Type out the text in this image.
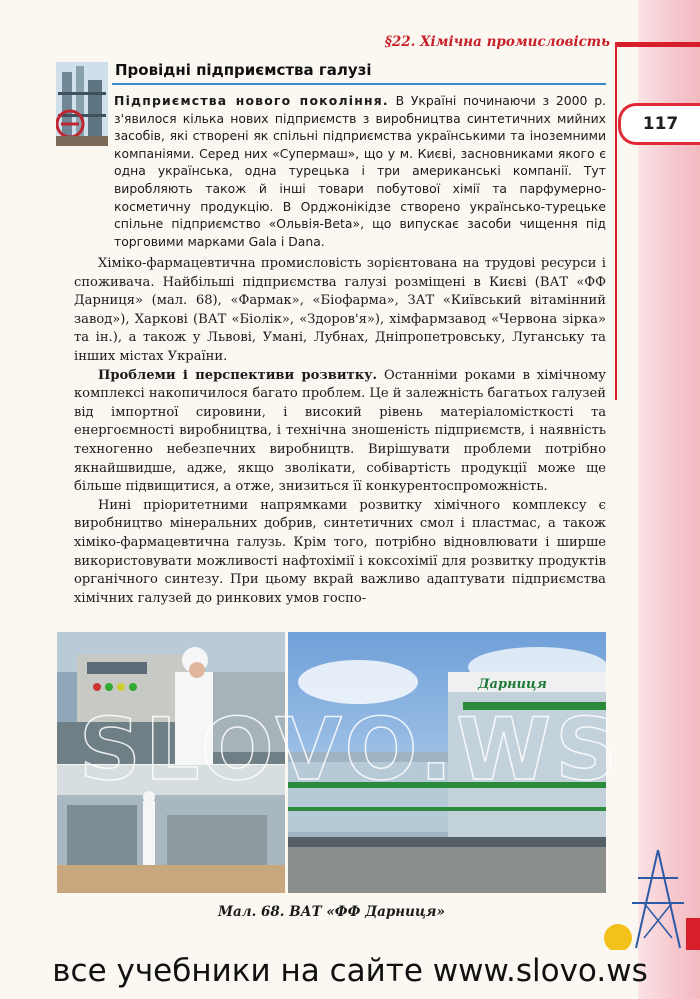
§22. Хімічна промисловість
117
Провідні підприємства галузі
Підприємства нового покоління. В Україні починаючи з 2000 р. з'явилося кілька нових підприємств з виробництва синтетичних мийних засобів, які створені як спільні підприємства українськими та іноземними компаніями. Серед них «Супермаш», що у м. Києві, засновниками якого є одна українська, одна турецька і три американські компанії. Тут виробляють також й інші товари побутової хімії та парфумерно-косметичну продукцію. В Орджонікідзе створено українсько-турецьке спільне підприємство «Ольвія-Beta», що випускає засоби чищення під торговими марками Gala i Dana.

Хіміко-фармацевтична промисловість зорієнтована на трудові ресурси і споживача. Найбільші підприємства галузі розміщені в Києві (ВАТ «ФФ Дарниця» (мал. 68), «Фармак», «Біофарма», ЗАТ «Київський вітамінний завод»), Харкові (ВАТ «Біолік», «Здоров'я»), хімфармзавод «Червона зірка» та ін.), а також у Львові, Умані, Лубнах, Дніпропетровську, Луганську та інших містах України.

Проблеми і перспективи розвитку. Останніми роками в хімічному комплексі накопичилося багато проблем. Це й залежність багатьох галузей від імпортної сировини, і високий рівень матеріаломісткості та енергоємності виробництва, і технічна зношеність підприємств, і наявність техногенно небезпечних виробництв. Вирішувати проблеми потрібно якнайшвидше, адже, якщо зволікати, собівартість продукції може ще більше підвищитися, а отже, знизиться її конкурентоспроможність.

Нині пріоритетними напрямками розвитку хімічного комплексу є виробництво мінеральних добрив, синтетичних смол і пластмас, а також хіміко-фармацевтична галузь. Крім того, потрібно відновлювати і ширше використовувати можливості нафтохімії і коксохімії для розвитку продуктів органічного синтезу. При цьому вкрай важливо адаптувати підприємства хімічних галузей до ринкових умов госпо-

Дарниця
Мал. 68. ВАТ «ФФ Дарниця»
все учебники на сайте www.slovo.ws
